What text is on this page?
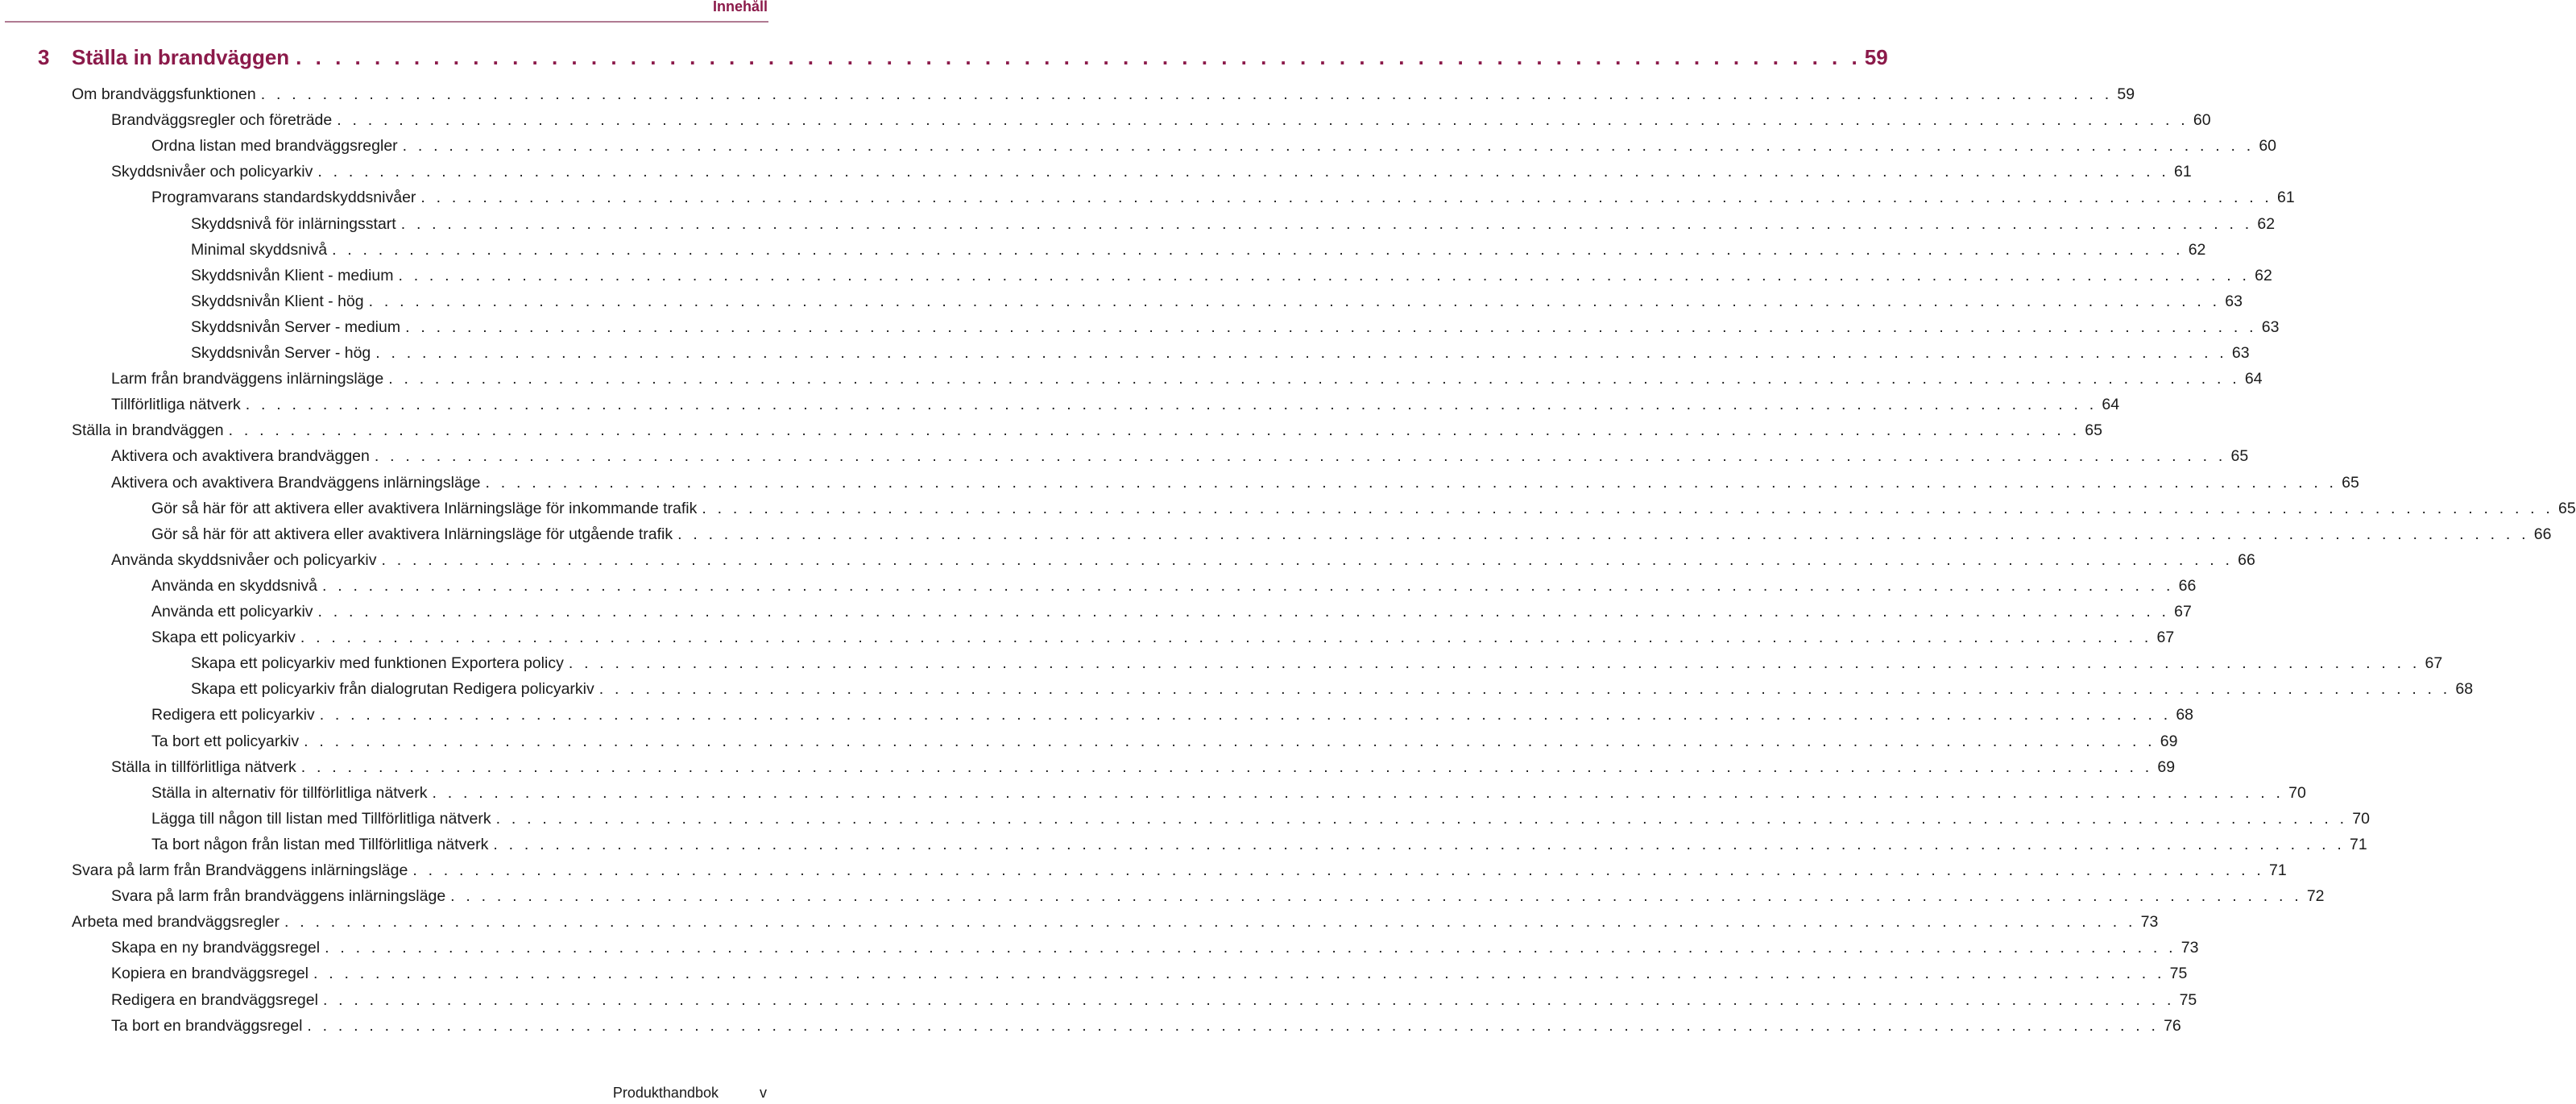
Innehåll
3	Ställa in brandväggen . . . . . . . . . . . . . . . . . . . . . . . . . . . . . . . . . . . . . . . . . . . . . . . . . . . . . . . . . . . . . . . . . . . . . . . . . . . . . . . . 59
Om brandväggsfunktionen . . . . . . . . . . . . . . . . . . . . . . . . . . . . . . . . . . . . . . . . . . . . . . . . . . . . . . . . . . . . . . . . . . . . . . . . . . . . . . . . . . . . . . . . . . . . . . . . . . . . . . . . . . . . . . . . . . . . . . . . 59
Brandväggsregler och företräde . . . . . . . . . . . . . . . . . . . . . . . . . . . . . . . . . . . . . . . . . . . . . . . . . . . . . . . . . . . . . . . . . . . . . . . . . . . . . . . . . . . . . . . . . . . . . . . . . . . . . . . . . . . . . . . . . . . . . . . . 60
Ordna listan med brandväggsregler . . . . . . . . . . . . . . . . . . . . . . . . . . . . . . . . . . . . . . . . . . . . . . . . . . . . . . . . . . . . . . . . . . . . . . . . . . . . . . . . . . . . . . . . . . . . . . . . . . . . . . . . . . . . . . . . . . . . . . . . 60
Skyddsnivåer och policyarkiv . . . . . . . . . . . . . . . . . . . . . . . . . . . . . . . . . . . . . . . . . . . . . . . . . . . . . . . . . . . . . . . . . . . . . . . . . . . . . . . . . . . . . . . . . . . . . . . . . . . . . . . . . . . . . . . . . . . . . . . . 61
Programvarans standardskyddsnivåer . . . . . . . . . . . . . . . . . . . . . . . . . . . . . . . . . . . . . . . . . . . . . . . . . . . . . . . . . . . . . . . . . . . . . . . . . . . . . . . . . . . . . . . . . . . . . . . . . . . . . . . . . . . . . . . . . . . . . . . . 61
Skyddsnivå för inlärningsstart . . . . . . . . . . . . . . . . . . . . . . . . . . . . . . . . . . . . . . . . . . . . . . . . . . . . . . . . . . . . . . . . . . . . . . . . . . . . . . . . . . . . . . . . . . . . . . . . . . . . . . . . . . . . . . . . . . . . . . . . 62
Minimal skyddsnivå . . . . . . . . . . . . . . . . . . . . . . . . . . . . . . . . . . . . . . . . . . . . . . . . . . . . . . . . . . . . . . . . . . . . . . . . . . . . . . . . . . . . . . . . . . . . . . . . . . . . . . . . . . . . . . . . . . . . . . . . 62
Skyddsnivån Klient - medium . . . . . . . . . . . . . . . . . . . . . . . . . . . . . . . . . . . . . . . . . . . . . . . . . . . . . . . . . . . . . . . . . . . . . . . . . . . . . . . . . . . . . . . . . . . . . . . . . . . . . . . . . . . . . . . . . . . . . . . . 62
Skyddsnivån Klient - hög . . . . . . . . . . . . . . . . . . . . . . . . . . . . . . . . . . . . . . . . . . . . . . . . . . . . . . . . . . . . . . . . . . . . . . . . . . . . . . . . . . . . . . . . . . . . . . . . . . . . . . . . . . . . . . . . . . . . . . . . 63
Skyddsnivån Server - medium . . . . . . . . . . . . . . . . . . . . . . . . . . . . . . . . . . . . . . . . . . . . . . . . . . . . . . . . . . . . . . . . . . . . . . . . . . . . . . . . . . . . . . . . . . . . . . . . . . . . . . . . . . . . . . . . . . . . . . . . 63
Skyddsnivån Server - hög . . . . . . . . . . . . . . . . . . . . . . . . . . . . . . . . . . . . . . . . . . . . . . . . . . . . . . . . . . . . . . . . . . . . . . . . . . . . . . . . . . . . . . . . . . . . . . . . . . . . . . . . . . . . . . . . . . . . . . . . 63
Larm från brandväggens inlärningsläge . . . . . . . . . . . . . . . . . . . . . . . . . . . . . . . . . . . . . . . . . . . . . . . . . . . . . . . . . . . . . . . . . . . . . . . . . . . . . . . . . . . . . . . . . . . . . . . . . . . . . . . . . . . . . . . . . . . . . . . . 64
Tillförlitliga nätverk . . . . . . . . . . . . . . . . . . . . . . . . . . . . . . . . . . . . . . . . . . . . . . . . . . . . . . . . . . . . . . . . . . . . . . . . . . . . . . . . . . . . . . . . . . . . . . . . . . . . . . . . . . . . . . . . . . . . . . . . 64
Ställa in brandväggen . . . . . . . . . . . . . . . . . . . . . . . . . . . . . . . . . . . . . . . . . . . . . . . . . . . . . . . . . . . . . . . . . . . . . . . . . . . . . . . . . . . . . . . . . . . . . . . . . . . . . . . . . . . . . . . . . . . . . . . . 65
Aktivera och avaktivera brandväggen . . . . . . . . . . . . . . . . . . . . . . . . . . . . . . . . . . . . . . . . . . . . . . . . . . . . . . . . . . . . . . . . . . . . . . . . . . . . . . . . . . . . . . . . . . . . . . . . . . . . . . . . . . . . . . . . . . . . . . . . 65
Aktivera och avaktivera Brandväggens inlärningsläge . . . . . . . . . . . . . . . . . . . . . . . . . . . . . . . . . . . . . . . . . . . . . . . . . . . . . . . . . . . . . . . . . . . . . . . . . . . . . . . . . . . . . . . . . . . . . . . . . . . . . . . . . . . . . . . . . . . . . . . . 65
Gör så här för att aktivera eller avaktivera Inlärningsläge för inkommande trafik . . . . . . . . . . . . . . . . . . . . . . . . . . . . . . . . . . . . . . . . . . . . . . . . . . . . . . . . . . . . . . . . . . . . . . . . . . . . . . . . . . . . . . . . . . . . . . . . . . . . . . . . . . . . . . . . . . . . . . . . 65
Gör så här för att aktivera eller avaktivera Inlärningsläge för utgående trafik . . . . . . . . . . . . . . . . . . . . . . . . . . . . . . . . . . . . . . . . . . . . . . . . . . . . . . . . . . . . . . . . . . . . . . . . . . . . . . . . . . . . . . . . . . . . . . . . . . . . . . . . . . . . . . . . . . . . . . . . 66
Använda skyddsnivåer och policyarkiv . . . . . . . . . . . . . . . . . . . . . . . . . . . . . . . . . . . . . . . . . . . . . . . . . . . . . . . . . . . . . . . . . . . . . . . . . . . . . . . . . . . . . . . . . . . . . . . . . . . . . . . . . . . . . . . . . . . . . . . . 66
Använda en skyddsnivå . . . . . . . . . . . . . . . . . . . . . . . . . . . . . . . . . . . . . . . . . . . . . . . . . . . . . . . . . . . . . . . . . . . . . . . . . . . . . . . . . . . . . . . . . . . . . . . . . . . . . . . . . . . . . . . . . . . . . . . . 66
Använda ett policyarkiv . . . . . . . . . . . . . . . . . . . . . . . . . . . . . . . . . . . . . . . . . . . . . . . . . . . . . . . . . . . . . . . . . . . . . . . . . . . . . . . . . . . . . . . . . . . . . . . . . . . . . . . . . . . . . . . . . . . . . . . . 67
Skapa ett policyarkiv . . . . . . . . . . . . . . . . . . . . . . . . . . . . . . . . . . . . . . . . . . . . . . . . . . . . . . . . . . . . . . . . . . . . . . . . . . . . . . . . . . . . . . . . . . . . . . . . . . . . . . . . . . . . . . . . . . . . . . . . 67
Skapa ett policyarkiv med funktionen Exportera policy . . . . . . . . . . . . . . . . . . . . . . . . . . . . . . . . . . . . . . . . . . . . . . . . . . . . . . . . . . . . . . . . . . . . . . . . . . . . . . . . . . . . . . . . . . . . . . . . . . . . . . . . . . . . . . . . . . . . . . . . 67
Skapa ett policyarkiv från dialogrutan Redigera policyarkiv . . . . . . . . . . . . . . . . . . . . . . . . . . . . . . . . . . . . . . . . . . . . . . . . . . . . . . . . . . . . . . . . . . . . . . . . . . . . . . . . . . . . . . . . . . . . . . . . . . . . . . . . . . . . . . . . . . . . . . . . 68
Redigera ett policyarkiv . . . . . . . . . . . . . . . . . . . . . . . . . . . . . . . . . . . . . . . . . . . . . . . . . . . . . . . . . . . . . . . . . . . . . . . . . . . . . . . . . . . . . . . . . . . . . . . . . . . . . . . . . . . . . . . . . . . . . . . . 68
Ta bort ett policyarkiv . . . . . . . . . . . . . . . . . . . . . . . . . . . . . . . . . . . . . . . . . . . . . . . . . . . . . . . . . . . . . . . . . . . . . . . . . . . . . . . . . . . . . . . . . . . . . . . . . . . . . . . . . . . . . . . . . . . . . . . . 69
Ställa in tillförlitliga nätverk . . . . . . . . . . . . . . . . . . . . . . . . . . . . . . . . . . . . . . . . . . . . . . . . . . . . . . . . . . . . . . . . . . . . . . . . . . . . . . . . . . . . . . . . . . . . . . . . . . . . . . . . . . . . . . . . . . . . . . . . 69
Ställa in alternativ för tillförlitliga nätverk . . . . . . . . . . . . . . . . . . . . . . . . . . . . . . . . . . . . . . . . . . . . . . . . . . . . . . . . . . . . . . . . . . . . . . . . . . . . . . . . . . . . . . . . . . . . . . . . . . . . . . . . . . . . . . . . . . . . . . . . 70
Lägga till någon till listan med Tillförlitliga nätverk . . . . . . . . . . . . . . . . . . . . . . . . . . . . . . . . . . . . . . . . . . . . . . . . . . . . . . . . . . . . . . . . . . . . . . . . . . . . . . . . . . . . . . . . . . . . . . . . . . . . . . . . . . . . . . . . . . . . . . . . 70
Ta bort någon från listan med Tillförlitliga nätverk . . . . . . . . . . . . . . . . . . . . . . . . . . . . . . . . . . . . . . . . . . . . . . . . . . . . . . . . . . . . . . . . . . . . . . . . . . . . . . . . . . . . . . . . . . . . . . . . . . . . . . . . . . . . . . . . . . . . . . . . 71
Svara på larm från Brandväggens inlärningsläge . . . . . . . . . . . . . . . . . . . . . . . . . . . . . . . . . . . . . . . . . . . . . . . . . . . . . . . . . . . . . . . . . . . . . . . . . . . . . . . . . . . . . . . . . . . . . . . . . . . . . . . . . . . . . . . . . . . . . . . . 71
Svara på larm från brandväggens inlärningsläge . . . . . . . . . . . . . . . . . . . . . . . . . . . . . . . . . . . . . . . . . . . . . . . . . . . . . . . . . . . . . . . . . . . . . . . . . . . . . . . . . . . . . . . . . . . . . . . . . . . . . . . . . . . . . . . . . . . . . . . . 72
Arbeta med brandväggsregler . . . . . . . . . . . . . . . . . . . . . . . . . . . . . . . . . . . . . . . . . . . . . . . . . . . . . . . . . . . . . . . . . . . . . . . . . . . . . . . . . . . . . . . . . . . . . . . . . . . . . . . . . . . . . . . . . . . . . . . . 73
Skapa en ny brandväggsregel . . . . . . . . . . . . . . . . . . . . . . . . . . . . . . . . . . . . . . . . . . . . . . . . . . . . . . . . . . . . . . . . . . . . . . . . . . . . . . . . . . . . . . . . . . . . . . . . . . . . . . . . . . . . . . . . . . . . . . . . 73
Kopiera en brandväggsregel . . . . . . . . . . . . . . . . . . . . . . . . . . . . . . . . . . . . . . . . . . . . . . . . . . . . . . . . . . . . . . . . . . . . . . . . . . . . . . . . . . . . . . . . . . . . . . . . . . . . . . . . . . . . . . . . . . . . . . . . 75
Redigera en brandväggsregel . . . . . . . . . . . . . . . . . . . . . . . . . . . . . . . . . . . . . . . . . . . . . . . . . . . . . . . . . . . . . . . . . . . . . . . . . . . . . . . . . . . . . . . . . . . . . . . . . . . . . . . . . . . . . . . . . . . . . . . . 75
Ta bort en brandväggsregel . . . . . . . . . . . . . . . . . . . . . . . . . . . . . . . . . . . . . . . . . . . . . . . . . . . . . . . . . . . . . . . . . . . . . . . . . . . . . . . . . . . . . . . . . . . . . . . . . . . . . . . . . . . . . . . . . . . . . . . . 76
Produkthandbok	v
